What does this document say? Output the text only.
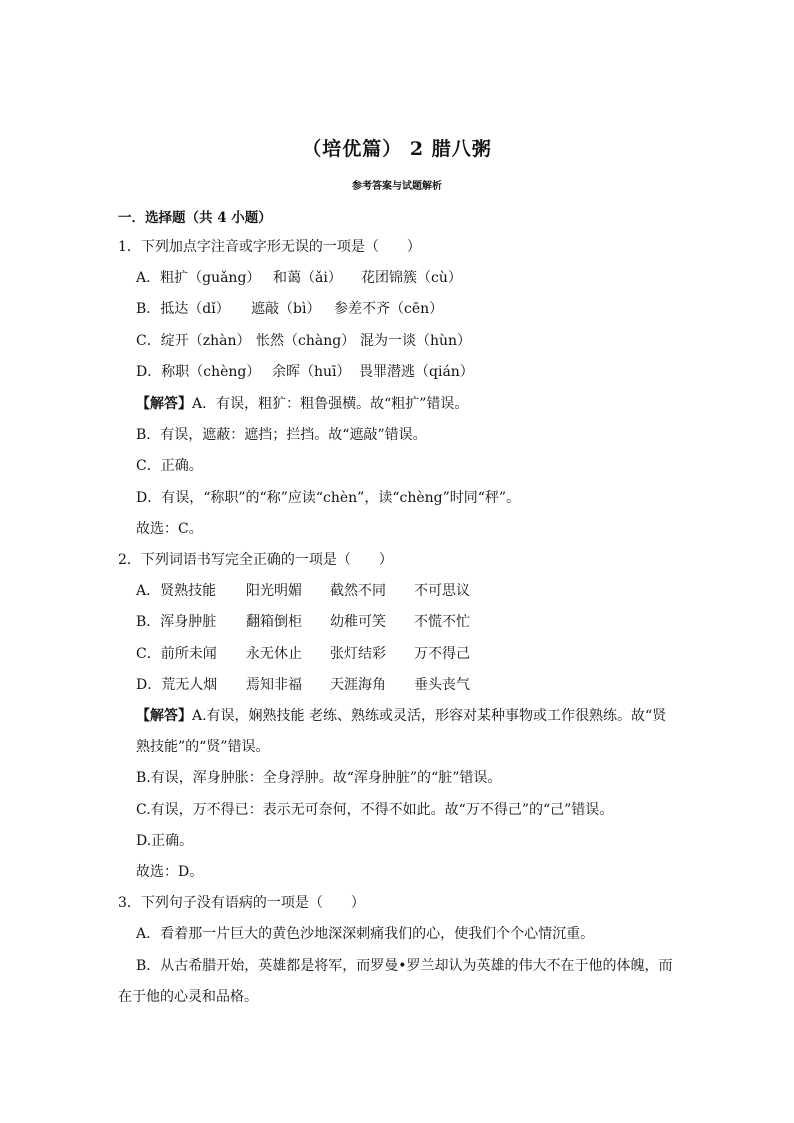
（培优篇） 2 腊八粥
参考答案与试题解析
一．选择题（共 4 小题）
1．下列加点字注音或字形无误的一项是（　　）
A．粗扩（guǎng） 和蔼（ǎi） 花团锦簇（cù）
B．抵达（dǐ） 遮敲（bì） 参差不齐（cēn）
C．绽开（zhàn） 怅然（chàng） 混为一谈（hùn）
D．称职（chèng） 余晖（huī） 畏罪潜逃（qián）
【解答】A．有误，粗犷：粗鲁强横。故“粗扩”错误。
B．有误，遮蔽：遮挡；拦挡。故“遮敲”错误。
C．正确。
D．有误，“称职”的“称”应读“chèn”，读“chèng”时同“秤”。
故选：C。
2．下列词语书写完全正确的一项是（　　）
A．贤熟技能 阳光明媚 截然不同 不可思议
B．浑身肿脏 翻箱倒柜 幼稚可笑 不慌不忙
C．前所未闻 永无休止 张灯结彩 万不得己
D．荒无人烟 焉知非福 天涯海角 垂头丧气
【解答】A.有误，娴熟技能 老练、熟练或灵活，形容对某种事物或工作很熟练。故“贤
熟技能”的“贤”错误。
B.有误，浑身肿胀：全身浮肿。故“浑身肿脏”的“脏”错误。
C.有误，万不得已：表示无可奈何，不得不如此。故“万不得己”的“己”错误。
D.正确。
故选：D。
3．下列句子没有语病的一项是（　　）
A．看着那一片巨大的黄色沙地深深刺痛我们的心，使我们个个心情沉重。
B．从古希腊开始，英雄都是将军，而罗曼•罗兰却认为英雄的伟大不在于他的体魄，而
在于他的心灵和品格。
